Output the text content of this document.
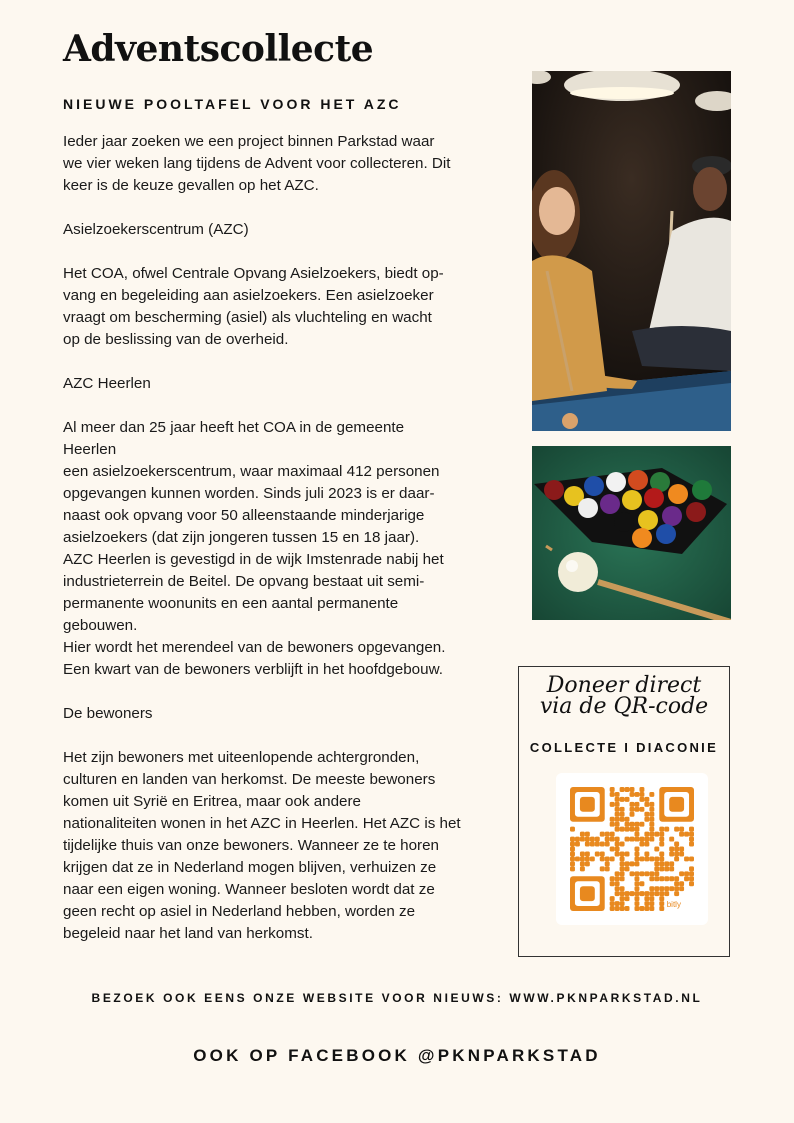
Adventscollecte
NIEUWE POOLTAFEL VOOR HET AZC

Ieder jaar zoeken we een project binnen Parkstad waar

we vier weken lang tijdens de Advent voor collecteren. Dit

keer is de keuze gevallen op het AZC.

Asielzoekerscentrum (AZC)

Het COA, ofwel Centrale Opvang Asielzoekers, biedt op-

vang en begeleiding aan asielzoekers. Een asielzoeker

vraagt om bescherming (asiel) als vluchteling en wacht

op de beslissing van de overheid.

AZC Heerlen

Al meer dan 25 jaar heeft het COA in de gemeente

Heerlen

een asielzoekerscentrum, waar maximaal 412 personen

opgevangen kunnen worden. Sinds juli 2023 is er daar-

naast ook opvang voor 50 alleenstaande minderjarige

asielzoekers (dat zijn jongeren tussen 15 en 18 jaar).

AZC Heerlen is gevestigd in de wijk Imstenrade nabij het

industrieterrein de Beitel. De opvang bestaat uit semi-

permanente woonunits en een aantal permanente

gebouwen.

Hier wordt het merendeel van de bewoners opgevangen.

Een kwart van de bewoners verblijft in het hoofdgebouw.

De bewoners

Het zijn bewoners met uiteenlopende achtergronden,

culturen en landen van herkomst. De meeste bewoners

komen uit Syrië en Eritrea, maar ook andere

nationaliteiten wonen in het AZC in Heerlen. Het AZC is het

tijdelijke thuis van onze bewoners. Wanneer ze te horen

krijgen dat ze in Nederland mogen blijven, verhuizen ze

naar een eigen woning. Wanneer besloten wordt dat ze

geen recht op asiel in Nederland hebben, worden ze

begeleid naar het land van herkomst.

Doneer direct
via de QR-code
COLLECTE I DIACONIE
bitly
BEZOEK OOK EENS ONZE WEBSITE VOOR NIEUWS: WWW.PKNPARKSTAD.NL
OOK OP FACEBOOK @PKNPARKSTAD
